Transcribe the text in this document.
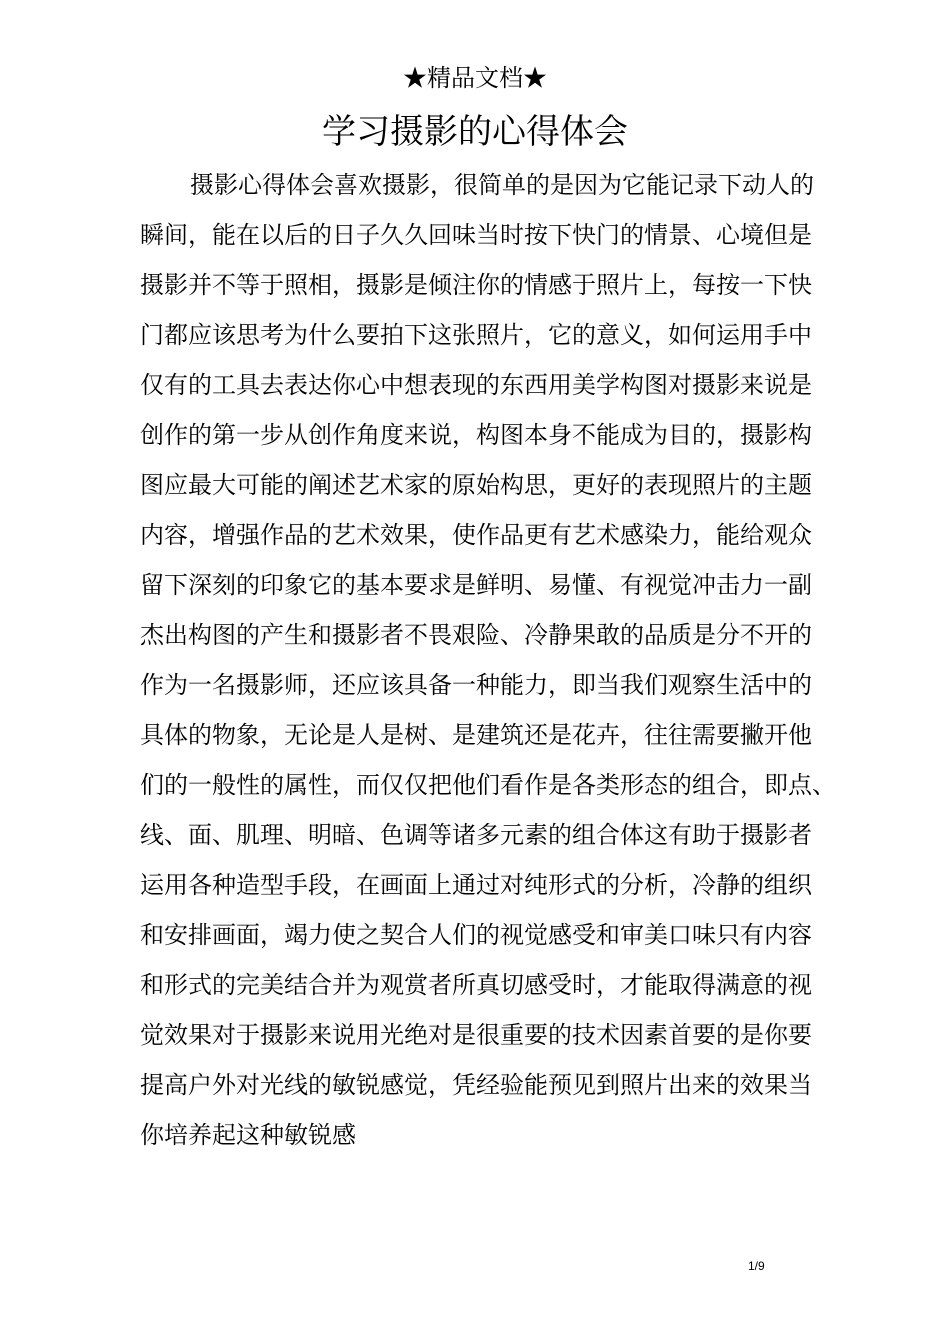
★精品文档★
学习摄影的心得体会
摄影心得体会喜欢摄影，很简单的是因为它能记录下动人的
瞬间，能在以后的日子久久回味当时按下快门的情景、心境但是
摄影并不等于照相，摄影是倾注你的情感于照片上，每按一下快
门都应该思考为什么要拍下这张照片，它的意义，如何运用手中
仅有的工具去表达你心中想表现的东西用美学构图对摄影来说是
创作的第一步从创作角度来说，构图本身不能成为目的，摄影构
图应最大可能的阐述艺术家的原始构思，更好的表现照片的主题
内容，增强作品的艺术效果，使作品更有艺术感染力，能给观众
留下深刻的印象它的基本要求是鲜明、易懂、有视觉冲击力一副
杰出构图的产生和摄影者不畏艰险、冷静果敢的品质是分不开的
作为一名摄影师，还应该具备一种能力，即当我们观察生活中的
具体的物象，无论是人是树、是建筑还是花卉，往往需要撇开他
们的一般性的属性，而仅仅把他们看作是各类形态的组合，即点、
线、面、肌理、明暗、色调等诸多元素的组合体这有助于摄影者
运用各种造型手段，在画面上通过对纯形式的分析，冷静的组织
和安排画面，竭力使之契合人们的视觉感受和审美口味只有内容
和形式的完美结合并为观赏者所真切感受时，才能取得满意的视
觉效果对于摄影来说用光绝对是很重要的技术因素首要的是你要
提高户外对光线的敏锐感觉，凭经验能预见到照片出来的效果当
你培养起这种敏锐感
1/9
